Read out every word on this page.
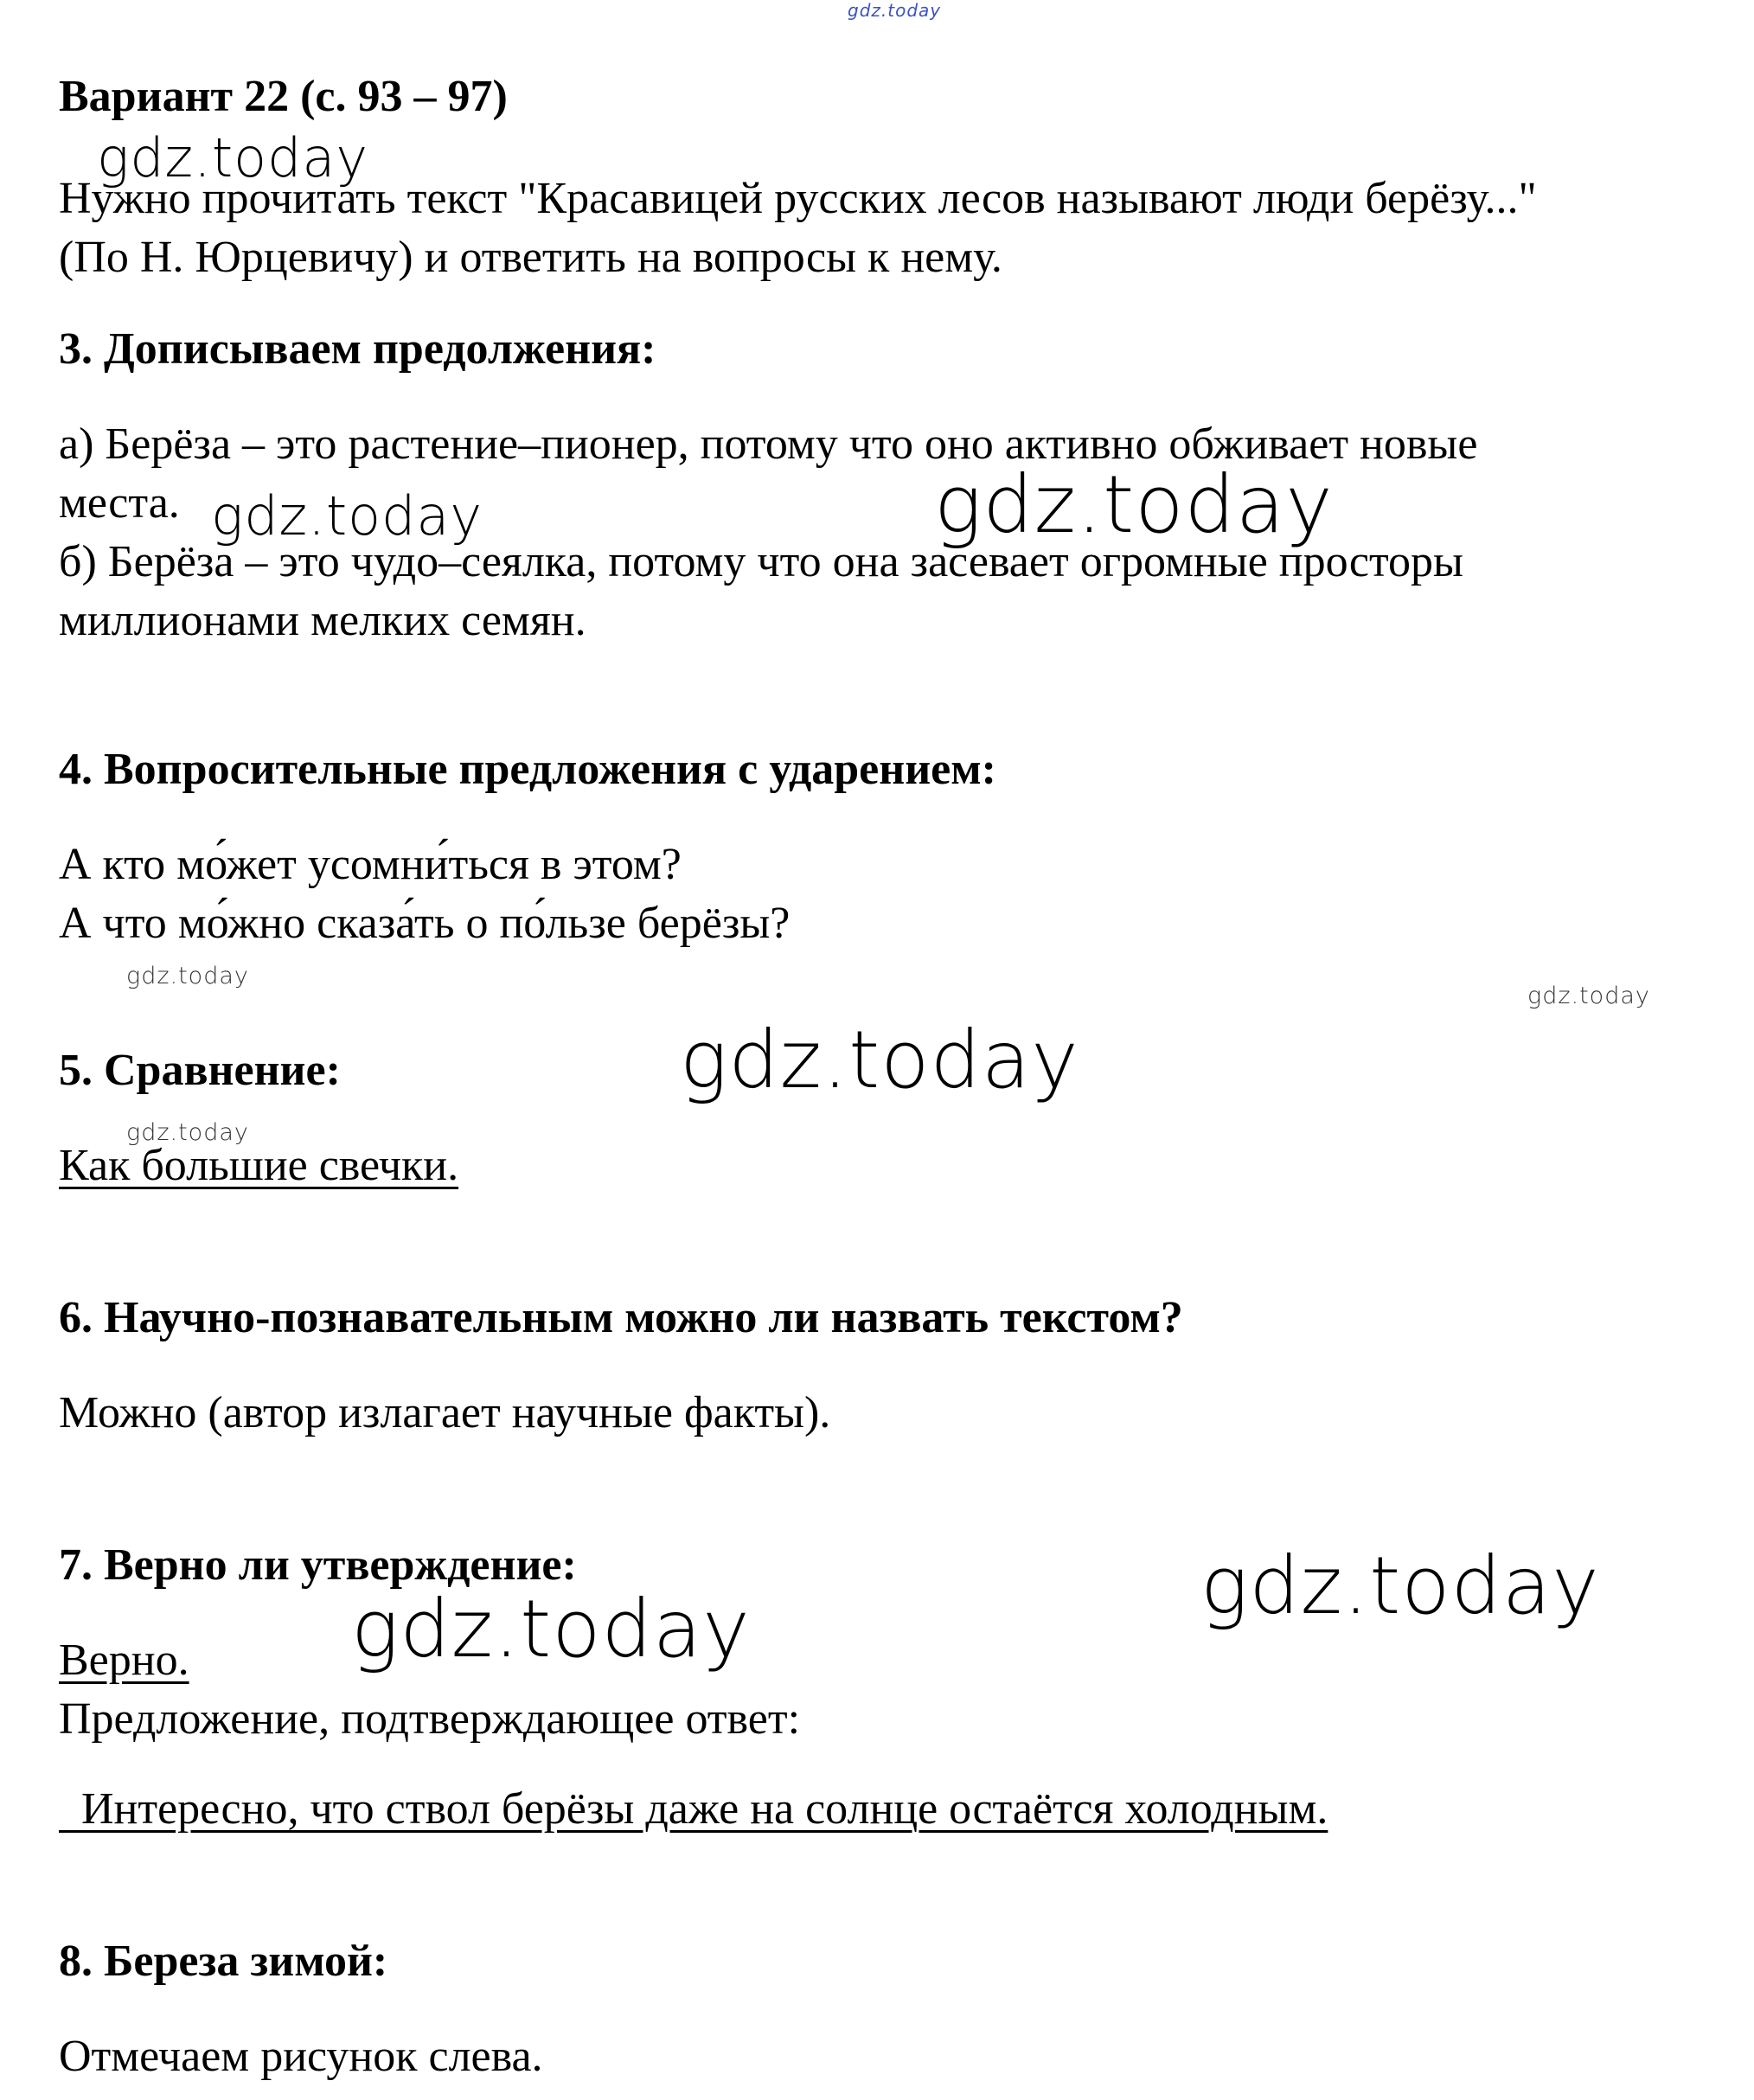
gdz.today
gdz.today
gdz.today	gdz.today
gdz.today
gdz.today
gdz.today
gdz.today
gdz.today
gdz.today
Вариант 22 (с. 93 – 97)
Нужно прочитать текст "Красавицей русских лесов называют люди берёзу..."
(По Н. Юрцевичу) и ответить на вопросы к нему.
3. Дописываем предолжения:
а) Берёза – это растение–пионер, потому что оно активно обживает новые
места.
б) Берёза – это чудо–сеялка, потому что она засевает огромные просторы
миллионами мелких семян.
4. Вопросительные предложения с ударением:
А кто мо́жет усомни́ться в этом?
А что мо́жно сказа́ть о по́льзе берёзы?
5. Сравнение:
Как большие свечки.
6. Научно-познавательным можно ли назвать текстом?
Можно (автор излагает научные факты).
7. Верно ли утверждение:
Верно.
Предложение, подтверждающее ответ:
Интересно, что ствол берёзы даже на солнце остаётся холодным.
8. Береза зимой:
Отмечаем рисунок слева.
